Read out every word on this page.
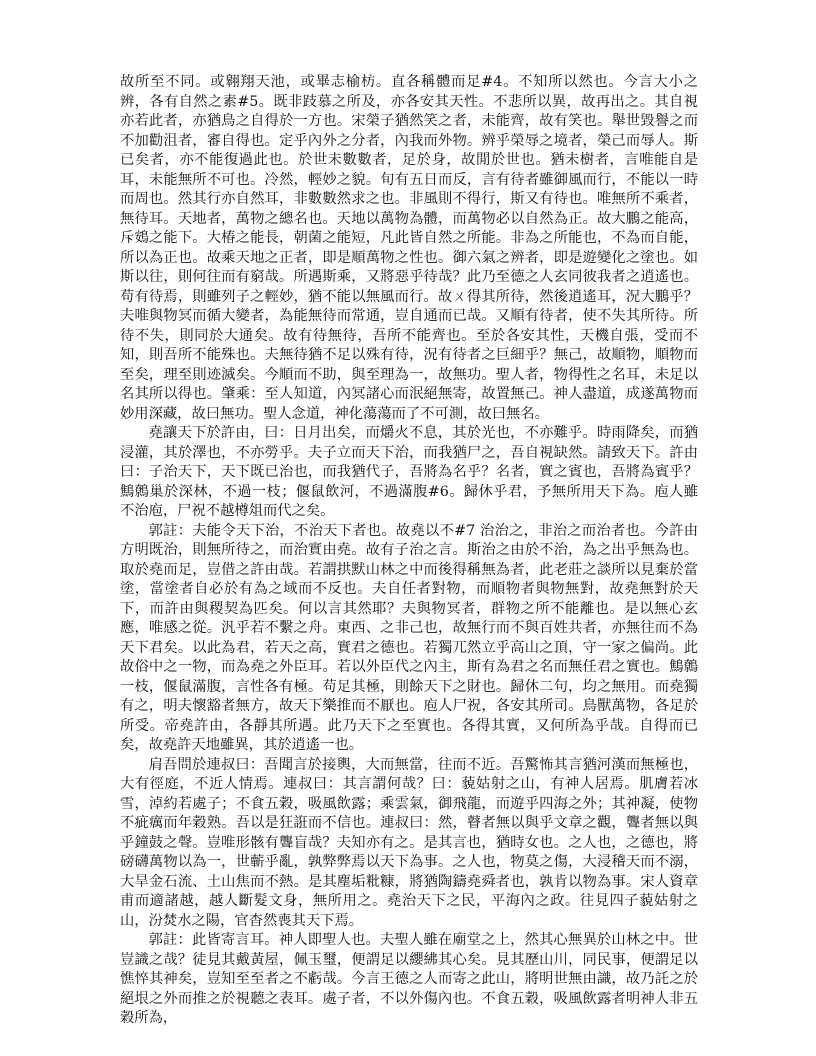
故所至不同。或翱翔天池，或畢志榆枋。直各稱體而足#4。不知所以然也。今言大小之辨，各有自然之素#5。既非跂慕之所及，亦各安其天性。不悲所以異，故再出之。其自視亦若此者，亦猶鳥之自得於一方也。宋榮子猶然笑之者，未能齊，故有笑也。舉世毀譽之而不加勸沮者，審自得也。定乎內外之分者，內我而外物。辨乎榮辱之境者，榮己而辱人。斯已矣者，亦不能復過此也。於世未數數者，足於身，故閒於世也。猶未樹者，言唯能自是耳，未能無所不可也。冷然，輕妙之貌。旬有五日而反，言有待者雖御風而行，不能以一時而周也。然其行亦自然耳，非數數然求之也。非風則不得行，斯又有待也。唯無所不乘者，無待耳。天地者，萬物之總名也。天地以萬物為體，而萬物必以自然為正。故大鵬之能高，斥鴳之能下。大椿之能長，朝菌之能短，凡此皆自然之所能。非為之所能也，不為而自能，所以為正也。故乘天地之正者，即是順萬物之性也。御六氣之辨者，即是遊變化之塗也。如斯以往，則何往而有窮哉。所遇斯乘，又將惡乎待哉？此乃至德之人玄同彼我者之逍遙也。苟有待焉，則雖列子之輕妙，猶不能以無風而行。故ㄨ得其所待，然後逍遙耳，況大鵬乎？夫唯與物冥而循大變者，為能無待而常通，豈自通而已哉。又順有待者，使不失其所待。所待不失，則同於大通矣。故有待無待，吾所不能齊也。至於各安其性，天機自張，受而不知，則吾所不能殊也。夫無待猶不足以殊有待，況有待者之巨細乎？無己，故順物，順物而至矣，理至則迹滅矣。今順而不助，與至理為一，故無功。聖人者，物得性之名耳，未足以名其所以得也。肇乘：至人知道，內冥諸心而泯絕無寄，故置無己。神人盡道，成遂萬物而妙用深藏，故曰無功。聖人念道，神化蕩蕩而了不可測，故曰無名。

堯讓天下於許由，曰：日月出矣，而爝火不息，其於光也，不亦難乎。時雨降矣，而猶浸灌，其於澤也，不亦勞乎。夫子立而天下治，而我猶尸之，吾自視缺然。請致天下。許由曰：子治天下，天下既已治也，而我猶代子，吾將為名乎？名者，實之賓也，吾將為賓乎？鷦鷯巢於深林，不過一枝；偃鼠飲河，不過滿腹#6。歸休乎君，予無所用天下為。庖人雖不治庖，尸祝不越樽俎而代之矣。

郭註：夫能令天下治，不治天下者也。故堯以不#7 治治之，非治之而治者也。今許由方明既治，則無所待之，而治實由堯。故有子治之言。斯治之由於不治，為之出乎無為也。取於堯而足，豈借之許由哉。若謂拱默山林之中而後得稱無為者，此老莊之談所以見棄於當塗，當塗者自必於有為之域而不反也。夫自任者對物，而順物者與物無對，故堯無對於天下，而許由與稷契為匹矣。何以言其然耶？夫與物冥者，群物之所不能離也。是以無心玄應，唯感之從。汎乎若不繫之舟。東西、之非己也，故無行而不與百姓共者，亦無往而不為天下君矣。以此為君，若天之高，實君之德也。若獨兀然立乎高山之頂，守一家之偏尚。此故俗中之一物，而為堯之外臣耳。若以外臣代之內主，斯有為君之名而無任君之實也。鷦鷯一枝，偃鼠滿腹，言性各有極。苟足其極，則餘天下之財也。歸休二句，均之無用。而堯獨有之，明夫懷豁者無方，故天下樂推而不厭也。庖人尸祝，各安其所司。鳥獸萬物，各足於所受。帝堯許由，各靜其所遇。此乃天下之至實也。各得其實，又何所為乎哉。自得而已矣，故堯許天地雖異，其於逍遙一也。

肩吾問於連叔曰：吾聞言於接輿，大而無當，往而不近。吾驚怖其言猶河漢而無極也，大有徑庭，不近人情焉。連叔曰：其言謂何哉？曰：藐姑射之山，有神人居焉。肌膚若冰雪，淖約若處子；不食五穀，吸風飲露；乘雲氣，御飛龍，而遊乎四海之外；其神凝，使物不疵癘而年穀熟。吾以是狂誑而不信也。連叔曰：然，瞽者無以與乎文章之觀，聾者無以與乎鐘鼓之聲。豈唯形骸有聾盲哉？夫知亦有之。是其言也，猶時女也。之人也，之德也，將磅礴萬物以為一，世蘄乎亂，孰弊弊焉以天下為事。之人也，物莫之傷，大浸稽天而不溺，大旱金石流、土山焦而不熱。是其塵垢粃糠，將猶陶鑄堯舜者也，孰肯以物為事。宋人資章甫而適諸越，越人斷髮文身，無所用之。堯治天下之民，平海內之政。往見四子藐姑射之山，汾焚水之陽，官杳然喪其天下焉。

郭註：此皆寄言耳。神人即聖人也。夫聖人雖在廟堂之上，然其心無異於山林之中。世豈識之哉？徒見其戴黃屋，佩玉璽，便謂足以纓紼其心矣。見其歷山川，同民事，便謂足以憔悴其神矣，豈知至至者之不虧哉。今言王德之人而寄之此山，將明世無由識，故乃託之於絕垠之外而推之於視聽之表耳。處子者，不以外傷內也。不食五穀，吸風飲露者明神人非五穀所為，
